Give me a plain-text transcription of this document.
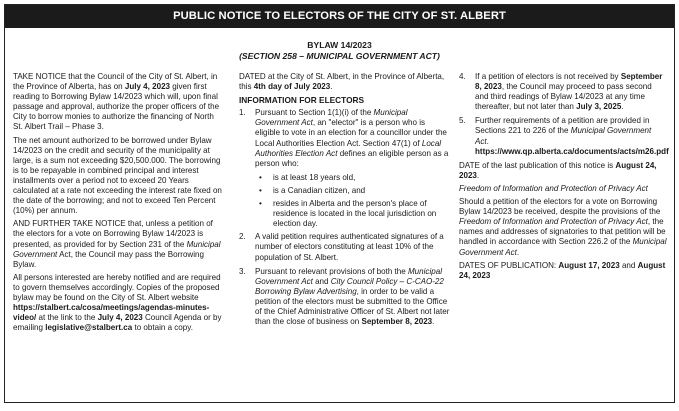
PUBLIC NOTICE TO ELECTORS OF THE CITY OF ST. ALBERT
BYLAW 14/2023
(SECTION 258 – MUNICIPAL GOVERNMENT ACT)

TAKE NOTICE that the Council of the City of St. Albert, in the Province of Alberta, has on July 4, 2023 given first reading to Borrowing Bylaw 14/2023 which will, upon final passage and approval, authorize the proper officers of the City to borrow monies to authorize the financing of North St. Albert Trail – Phase 3.

The net amount authorized to be borrowed under Bylaw 14/2023 on the credit and security of the municipality at large, is a sum not exceeding $20,500.000. The borrowing is to be repayable in combined principal and interest installments over a period not to exceed 20 Years calculated at a rate not exceeding the interest rate fixed on the date of the borrowing; and not to exceed Ten Percent (10%) per annum.

AND FURTHER TAKE NOTICE that, unless a petition of the electors for a vote on Borrowing Bylaw 14/2023 is presented, as provided for by Section 231 of the Municipal Government Act, the Council may pass the Borrowing Bylaw.

All persons interested are hereby notified and are required to govern themselves accordingly. Copies of the proposed bylaw may be found on the City of St. Albert website https://stalbert.ca/cosa/meetings/agendas-minutes-video/ at the link to the July 4, 2023 Council Agenda or by emailing legislative@stalbert.ca to obtain a copy.

DATED at the City of St. Albert, in the Province of Alberta, this 4th day of July 2023.

INFORMATION FOR ELECTORS
1. Pursuant to Section 1(1)(i) of the Municipal Government Act, an "elector" is a person who is eligible to vote in an election for a councillor under the Local Authorities Election Act. Section 47(1) of Local Authorities Election Act defines an eligible person as a person who:
• is at least 18 years old,
• is a Canadian citizen, and
• resides in Alberta and the person's place of residence is located in the local jurisdiction on election day.
2. A valid petition requires authenticated signatures of a number of electors constituting at least 10% of the population of St. Albert.
3. Pursuant to relevant provisions of both the Municipal Government Act and City Council Policy – C-CAO-22 Borrowing Bylaw Advertising, in order to be valid a petition of the electors must be submitted to the Office of the Chief Administrative Officer of St. Albert not later than the close of business on September 8, 2023.
4. If a petition of electors is not received by September 8, 2023, the Council may proceed to pass second and third readings of Bylaw 14/2023 at any time thereafter, but not later than July 3, 2025.
5. Further requirements of a petition are provided in Sections 221 to 226 of the Municipal Government Act. https://www.qp.alberta.ca/documents/acts/m26.pdf

DATE of the last publication of this notice is August 24, 2023.

Freedom of Information and Protection of Privacy Act

Should a petition of the electors for a vote on Borrowing Bylaw 14/2023 be received, despite the provisions of the Freedom of Information and Protection of Privacy Act, the names and addresses of signatories to that petition will be handled in accordance with Section 226.2 of the Municipal Government Act.

DATES OF PUBLICATION: August 17, 2023 and August 24, 2023
